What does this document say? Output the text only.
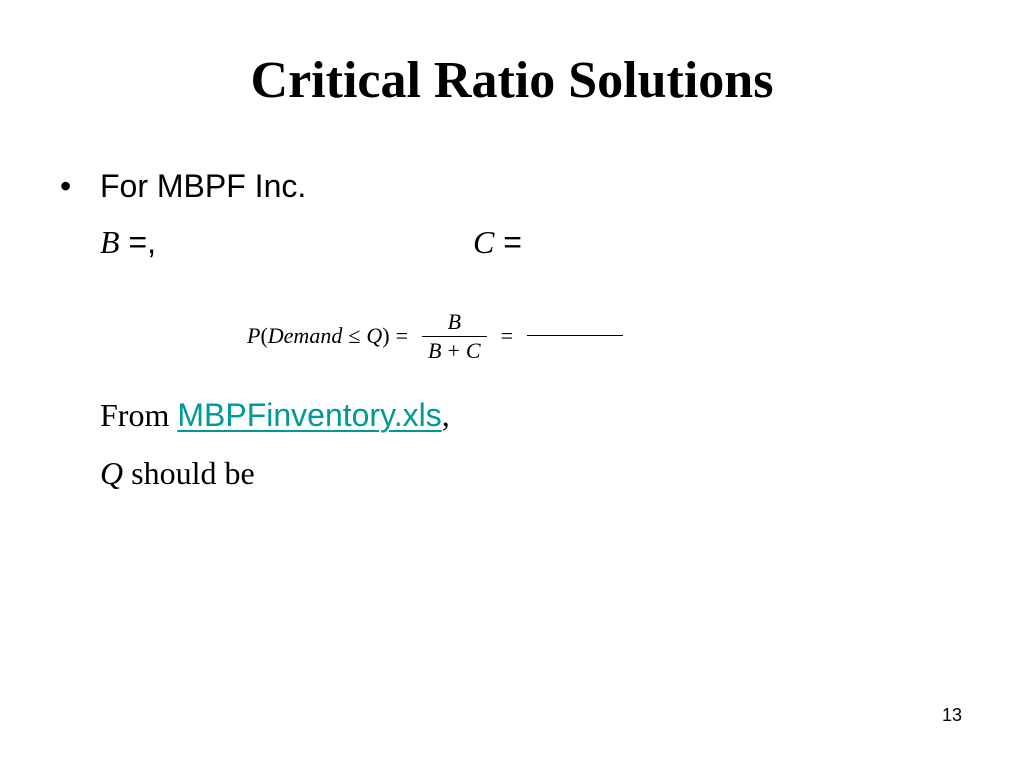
Critical Ratio Solutions
• For MBPF Inc.
B =,	C =
P ( Demand ≤ Q ) = $\frac{B}{B + C}$ =
From MBPFinventory.xls,
Q should be
13
